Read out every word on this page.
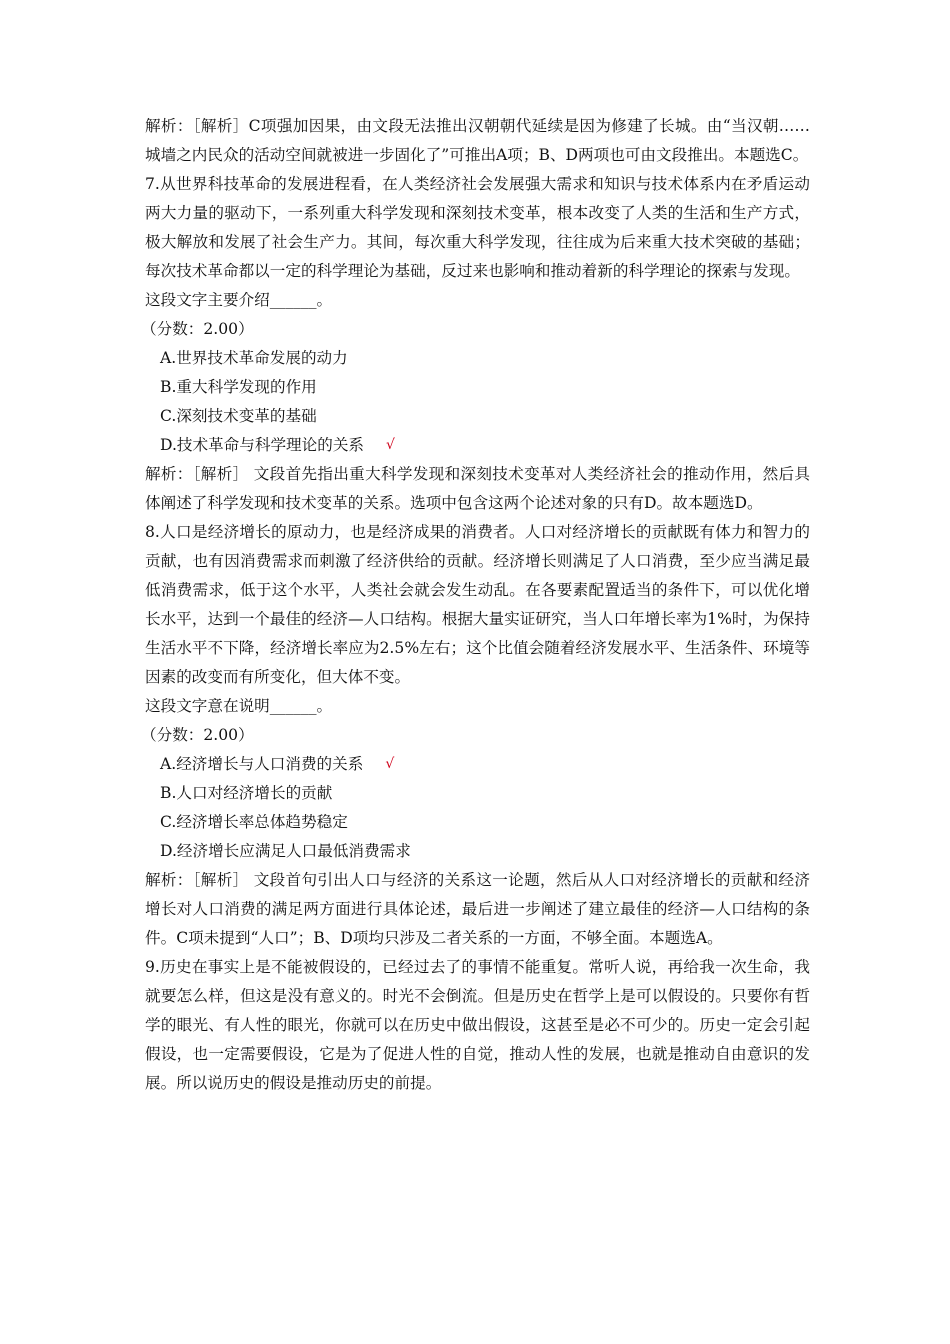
解析：［解析］C项强加因果，由文段无法推出汉朝朝代延续是因为修建了长城。由“当汉朝……城墙之内民众的活动空间就被进一步固化了”可推出A项；B、D两项也可由文段推出。本题选C。

7.从世界科技革命的发展进程看，在人类经济社会发展强大需求和知识与技术体系内在矛盾运动两大力量的驱动下，一系列重大科学发现和深刻技术变革，根本改变了人类的生活和生产方式，极大解放和发展了社会生产力。其间，每次重大科学发现，往往成为后来重大技术突破的基础；每次技术革命都以一定的科学理论为基础，反过来也影响和推动着新的科学理论的探索与发现。

这段文字主要介绍______。

（分数：2.00）

A.世界技术革命发展的动力
B.重大科学发现的作用
C.深刻技术变革的基础
D.技术革命与科学理论的关系 √

解析：［解析］ 文段首先指出重大科学发现和深刻技术变革对人类经济社会的推动作用，然后具体阐述了科学发现和技术变革的关系。选项中包含这两个论述对象的只有D。故本题选D。

8.人口是经济增长的原动力，也是经济成果的消费者。人口对经济增长的贡献既有体力和智力的贡献，也有因消费需求而刺激了经济供给的贡献。经济增长则满足了人口消费，至少应当满足最低消费需求，低于这个水平，人类社会就会发生动乱。在各要素配置适当的条件下，可以优化增长水平，达到一个最佳的经济—人口结构。根据大量实证研究，当人口年增长率为1%时，为保持生活水平不下降，经济增长率应为2.5%左右；这个比值会随着经济发展水平、生活条件、环境等因素的改变而有所变化，但大体不变。

这段文字意在说明______。

（分数：2.00）

A.经济增长与人口消费的关系 √
B.人口对经济增长的贡献
C.经济增长率总体趋势稳定
D.经济增长应满足人口最低消费需求

解析：［解析］ 文段首句引出人口与经济的关系这一论题，然后从人口对经济增长的贡献和经济增长对人口消费的满足两方面进行具体论述，最后进一步阐述了建立最佳的经济—人口结构的条件。C项未提到“人口”；B、D项均只涉及二者关系的一方面，不够全面。本题选A。

9.历史在事实上是不能被假设的，已经过去了的事情不能重复。常听人说，再给我一次生命，我就要怎么样，但这是没有意义的。时光不会倒流。但是历史在哲学上是可以假设的。只要你有哲学的眼光、有人性的眼光，你就可以在历史中做出假设，这甚至是必不可少的。历史一定会引起假设，也一定需要假设，它是为了促进人性的自觉，推动人性的发展，也就是推动自由意识的发展。所以说历史的假设是推动历史的前提。
